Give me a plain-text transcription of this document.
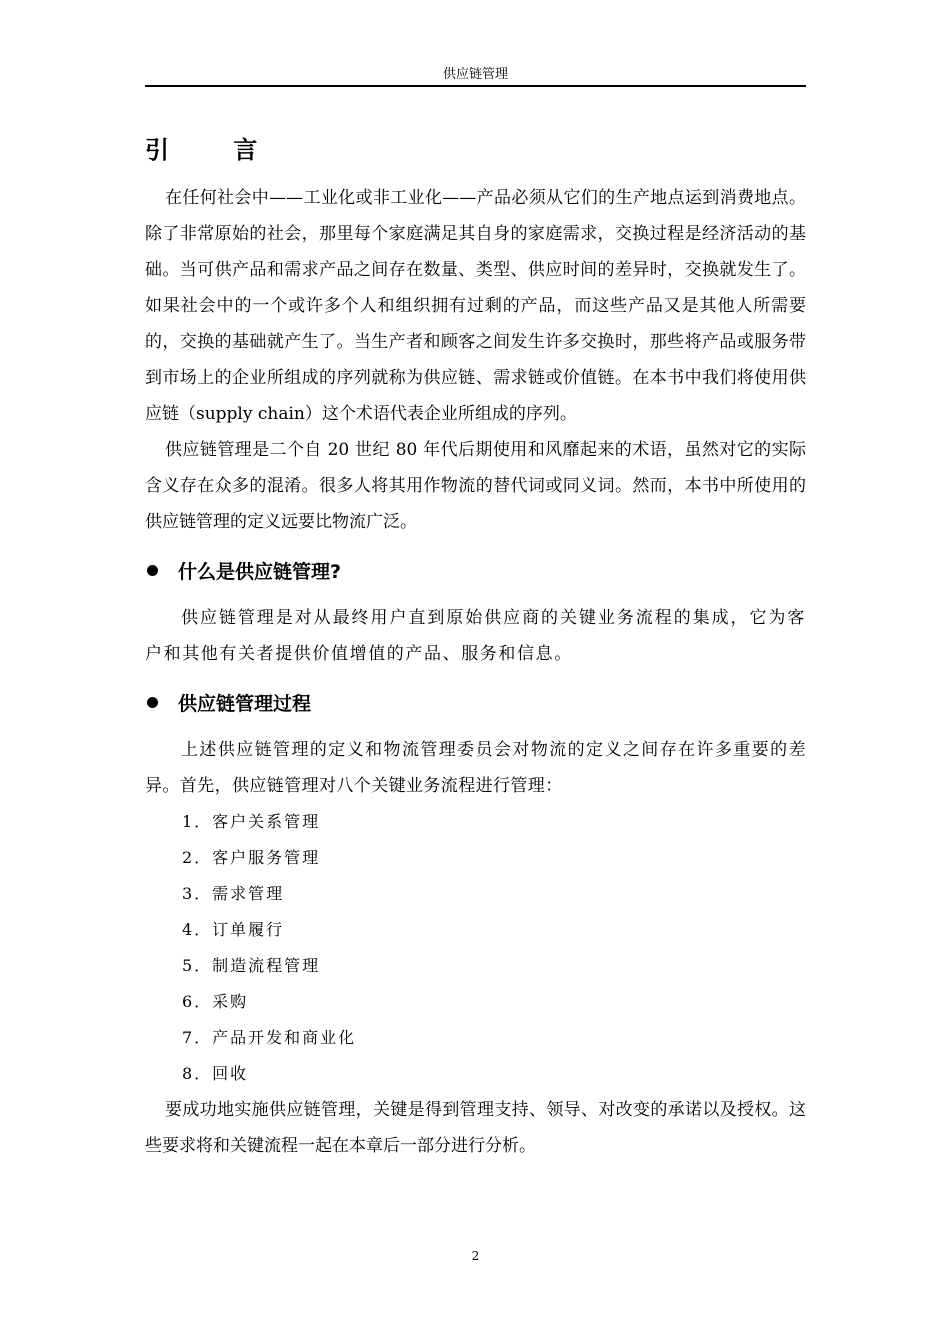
供应链管理
引 言

在任何社会中——工业化或非工业化——产品必须从它们的生产地点运到消费地点。除了非常原始的社会，那里每个家庭满足其自身的家庭需求，交换过程是经济活动的基础。当可供产品和需求产品之间存在数量、类型、供应时间的差异时，交换就发生了。如果社会中的一个或许多个人和组织拥有过剩的产品，而这些产品又是其他人所需要的，交换的基础就产生了。当生产者和顾客之间发生许多交换时，那些将产品或服务带到市场上的企业所组成的序列就称为供应链、需求链或价值链。在本书中我们将使用供应链（supply chain）这个术语代表企业所组成的序列。

供应链管理是二个自 20 世纪 80 年代后期使用和风靡起来的术语，虽然对它的实际含义存在众多的混淆。很多人将其用作物流的替代词或同义词。然而，本书中所使用的供应链管理的定义远要比物流广泛。

什么是供应链管理?

供应链管理是对从最终用户直到原始供应商的关键业务流程的集成，它为客户和其他有关者提供价值增值的产品、服务和信息。

供应链管理过程

上述供应链管理的定义和物流管理委员会对物流的定义之间存在许多重要的差异。首先，供应链管理对八个关键业务流程进行管理：

1．客户关系管理
2．客户服务管理
3．需求管理
4．订单履行
5．制造流程管理
6．采购
7．产品开发和商业化
8．回收

要成功地实施供应链管理，关键是得到管理支持、领导、对改变的承诺以及授权。这些要求将和关键流程一起在本章后一部分进行分析。

2
